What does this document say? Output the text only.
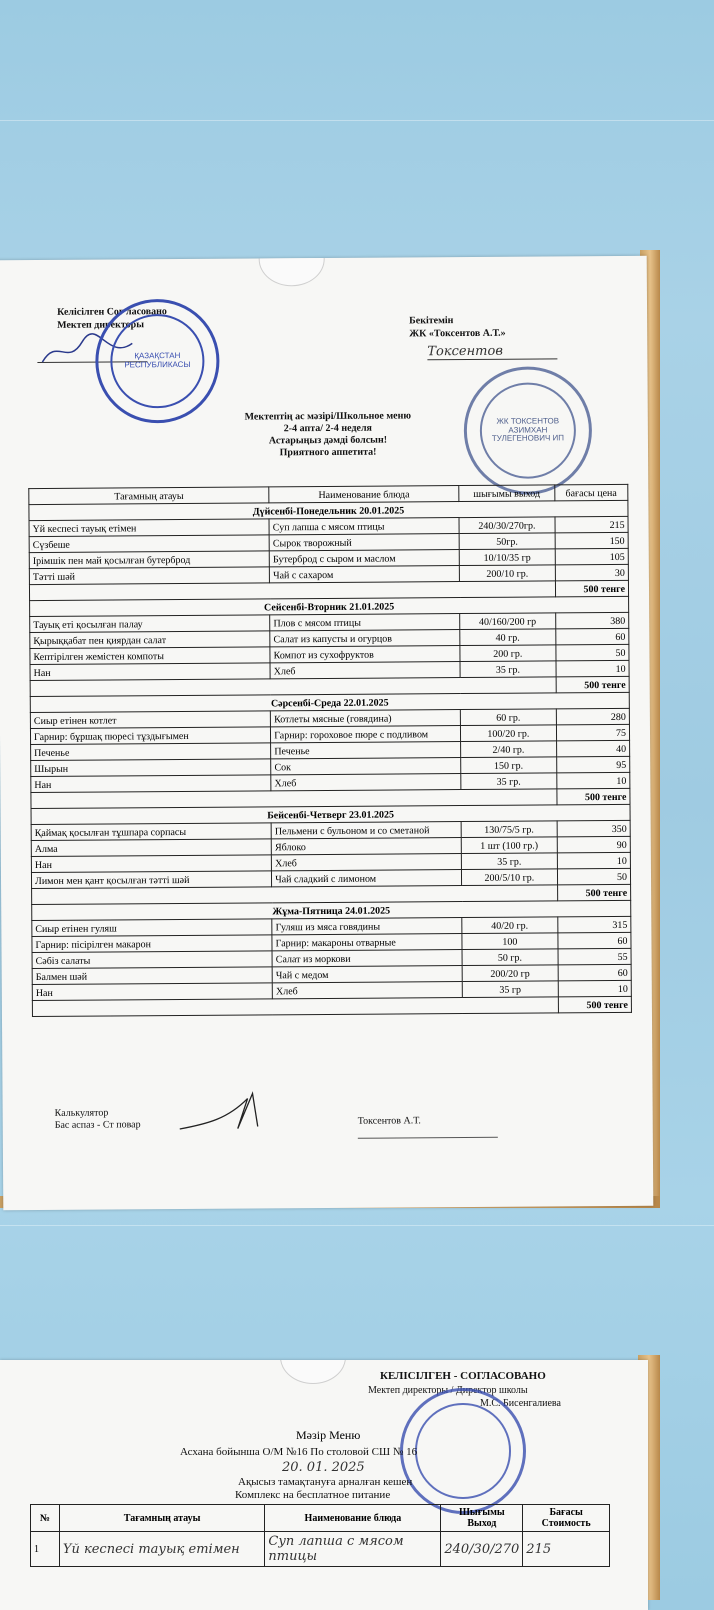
Келісілген Сог ласовано
Мектеп директоры
ҚАЗАҚСТАН РЕСПУБЛИКАСЫ
Бекітемін
ЖК «Токсентов А.Т.»
Токсентов
ЖК ТОКСЕНТОВ АЗИМХАН ТУЛЕГЕНОВИЧ ИП
Мектептің ас мәзірі/Школьное меню
2-4 апта/ 2-4 неделя
Астарыңыз дәмді болсын!
Приятного аппетита!
Тағамның атауы	Наименование блюда	шығымы выход	бағасы цена
Дүйсенбі-Понедельник 20.01.2025			
Үй кеспесі тауық етімен	Суп лапша с мясом птицы	240/30/270гр.	215
Сүзбеше	Сырок творожный	50гр.	150
Ірімшік пен май қосылған бутерброд	Бутерброд с сыром и маслом	10/10/35 гр	105
Тәтті шәй	Чай с сахаром	200/10 гр.	30
			500 тенге
Сейсенбі-Вторник 21.01.2025			
Тауық еті қосылған палау	Плов с мясом птицы	40/160/200 гр	380
Қырыққабат пен қиярдан салат	Салат из капусты и огурцов	40 гр.	60
Кептірілген жемістен компоты	Компот из сухофруктов	200 гр.	50
Нан	Хлеб	35 гр.	10
			500 тенге
Сәрсенбі-Среда 22.01.2025			
Сиыр етінен котлет	Котлеты мясные (говядина)	60 гр.	280
Гарнир: бұршақ пюресі тұздығымен	Гарнир: гороховое пюре с подливом	100/20 гр.	75
Печенье	Печенье	2/40 гр.	40
Шырын	Сок	150 гр.	95
Нан	Хлеб	35 гр.	10
			500 тенге
Бейсенбі-Четверг 23.01.2025			
Қаймақ қосылған тұшпара сорпасы	Пельмени с бульоном и со сметаной	130/75/5 гр.	350
Алма	Яблоко	1 шт (100 гр.)	90
Нан	Хлеб	35 гр.	10
Лимон мен қант қосылған тәтті шәй	Чай сладкий с лимоном	200/5/10 гр.	50
			500 тенге
Жұма-Пятница 24.01.2025			
Сиыр етінен гуляш	Гуляш из мяса говядины	40/20 гр.	315
Гарнир: пісірілген макарон	Гарнир: макароны отварные	100	60
Сәбіз салаты	Салат из моркови	50 гр.	55
Балмен шәй	Чай с медом	200/20 гр	60
Нан	Хлеб	35 гр	10
			500 тенге
Калькулятор
Бас аспаз - Ст повар	Токсентов А.Т.
КЕЛІСІЛГЕН - СОГЛАСОВАНО
Мектеп директоры / Директор школы
М.С. Бисенгалиева
Мәзір Меню
Асхана бойынша О/М №16 По столовой СШ № 16
20. 01. 2025
Ақысыз тамақтануға арналған кешен
Комплекс на бесплатное питание
№	Тағамның атауы	Наименование блюда	Шығымы Выход	Бағасы Стоимость
1	Үй кеспесі тауық етімен	Суп лапша с мясом птицы	240/30/270	215
